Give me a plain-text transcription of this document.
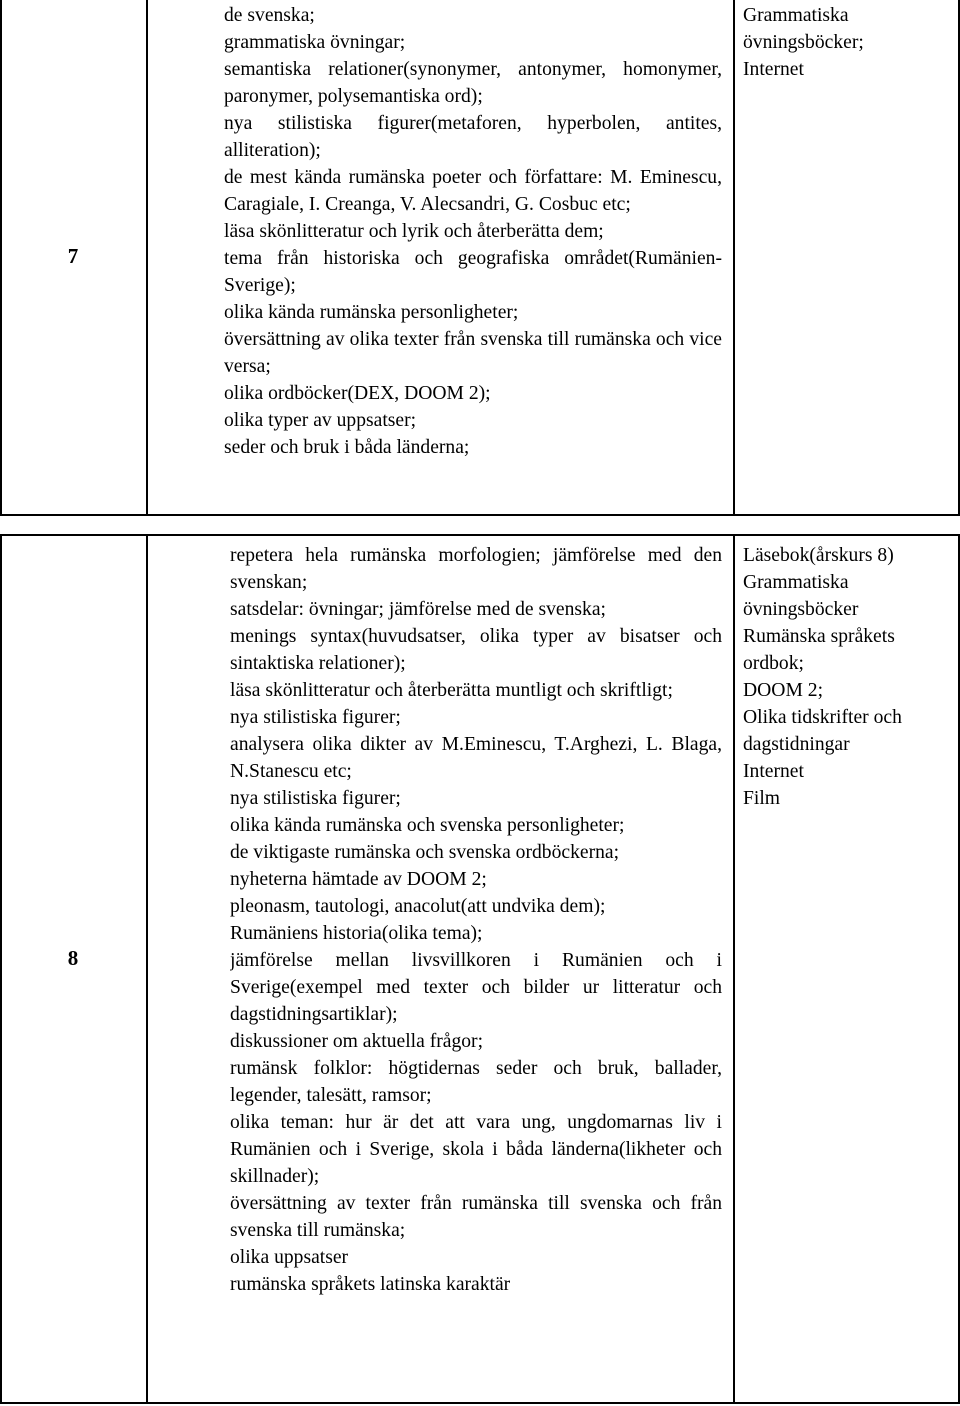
7
8
de svenska;
grammatiska övningar;
semantiska relationer(synonymer, antonymer, homonymer, paronymer, polysemantiska ord);
nya stilistiska figurer(metaforen, hyperbolen, antites, alliteration);
de mest kända rumänska poeter och författare: M. Eminescu, Caragiale, I. Creanga, V. Alecsandri, G. Cosbuc etc;
läsa skönlitteratur och lyrik och återberätta dem;
tema från historiska och geografiska området(Rumänien-Sverige);
olika kända rumänska personligheter;
översättning av olika texter från svenska till rumänska och vice versa;
olika ordböcker(DEX, DOOM 2);
olika typer av uppsatser;
seder och bruk i båda länderna;
Grammatiska
övningsböcker;
Internet
repetera hela rumänska morfologien; jämförelse med den svenskan;
satsdelar: övningar; jämförelse med de svenska;
menings syntax(huvudsatser, olika typer av bisatser och sintaktiska relationer);
läsa skönlitteratur och återberätta muntligt och skriftligt;
nya stilistiska figurer;
analysera olika dikter av M.Eminescu, T.Arghezi, L. Blaga, N.Stanescu etc;
nya stilistiska figurer;
olika kända rumänska och svenska personligheter;
de viktigaste rumänska och svenska ordböckerna;
nyheterna hämtade av DOOM 2;
pleonasm, tautologi, anacolut(att undvika dem);
Rumäniens historia(olika tema);
jämförelse mellan livsvillkoren i Rumänien och i Sverige(exempel med texter och bilder ur litteratur och dagstidningsartiklar);
diskussioner om aktuella frågor;
rumänsk folklor: högtidernas seder och bruk, ballader, legender, talesätt, ramsor;
olika teman: hur är det att vara ung, ungdomarnas liv i Rumänien och i Sverige, skola i båda länderna(likheter och skillnader);
översättning av texter från rumänska till svenska och från svenska till rumänska;
olika uppsatser
rumänska språkets latinska karaktär
Läsebok(årskurs 8)
Grammatiska
övningsböcker
Rumänska språkets
ordbok;
DOOM 2;
Olika tidskrifter och
dagstidningar
Internet
Film
